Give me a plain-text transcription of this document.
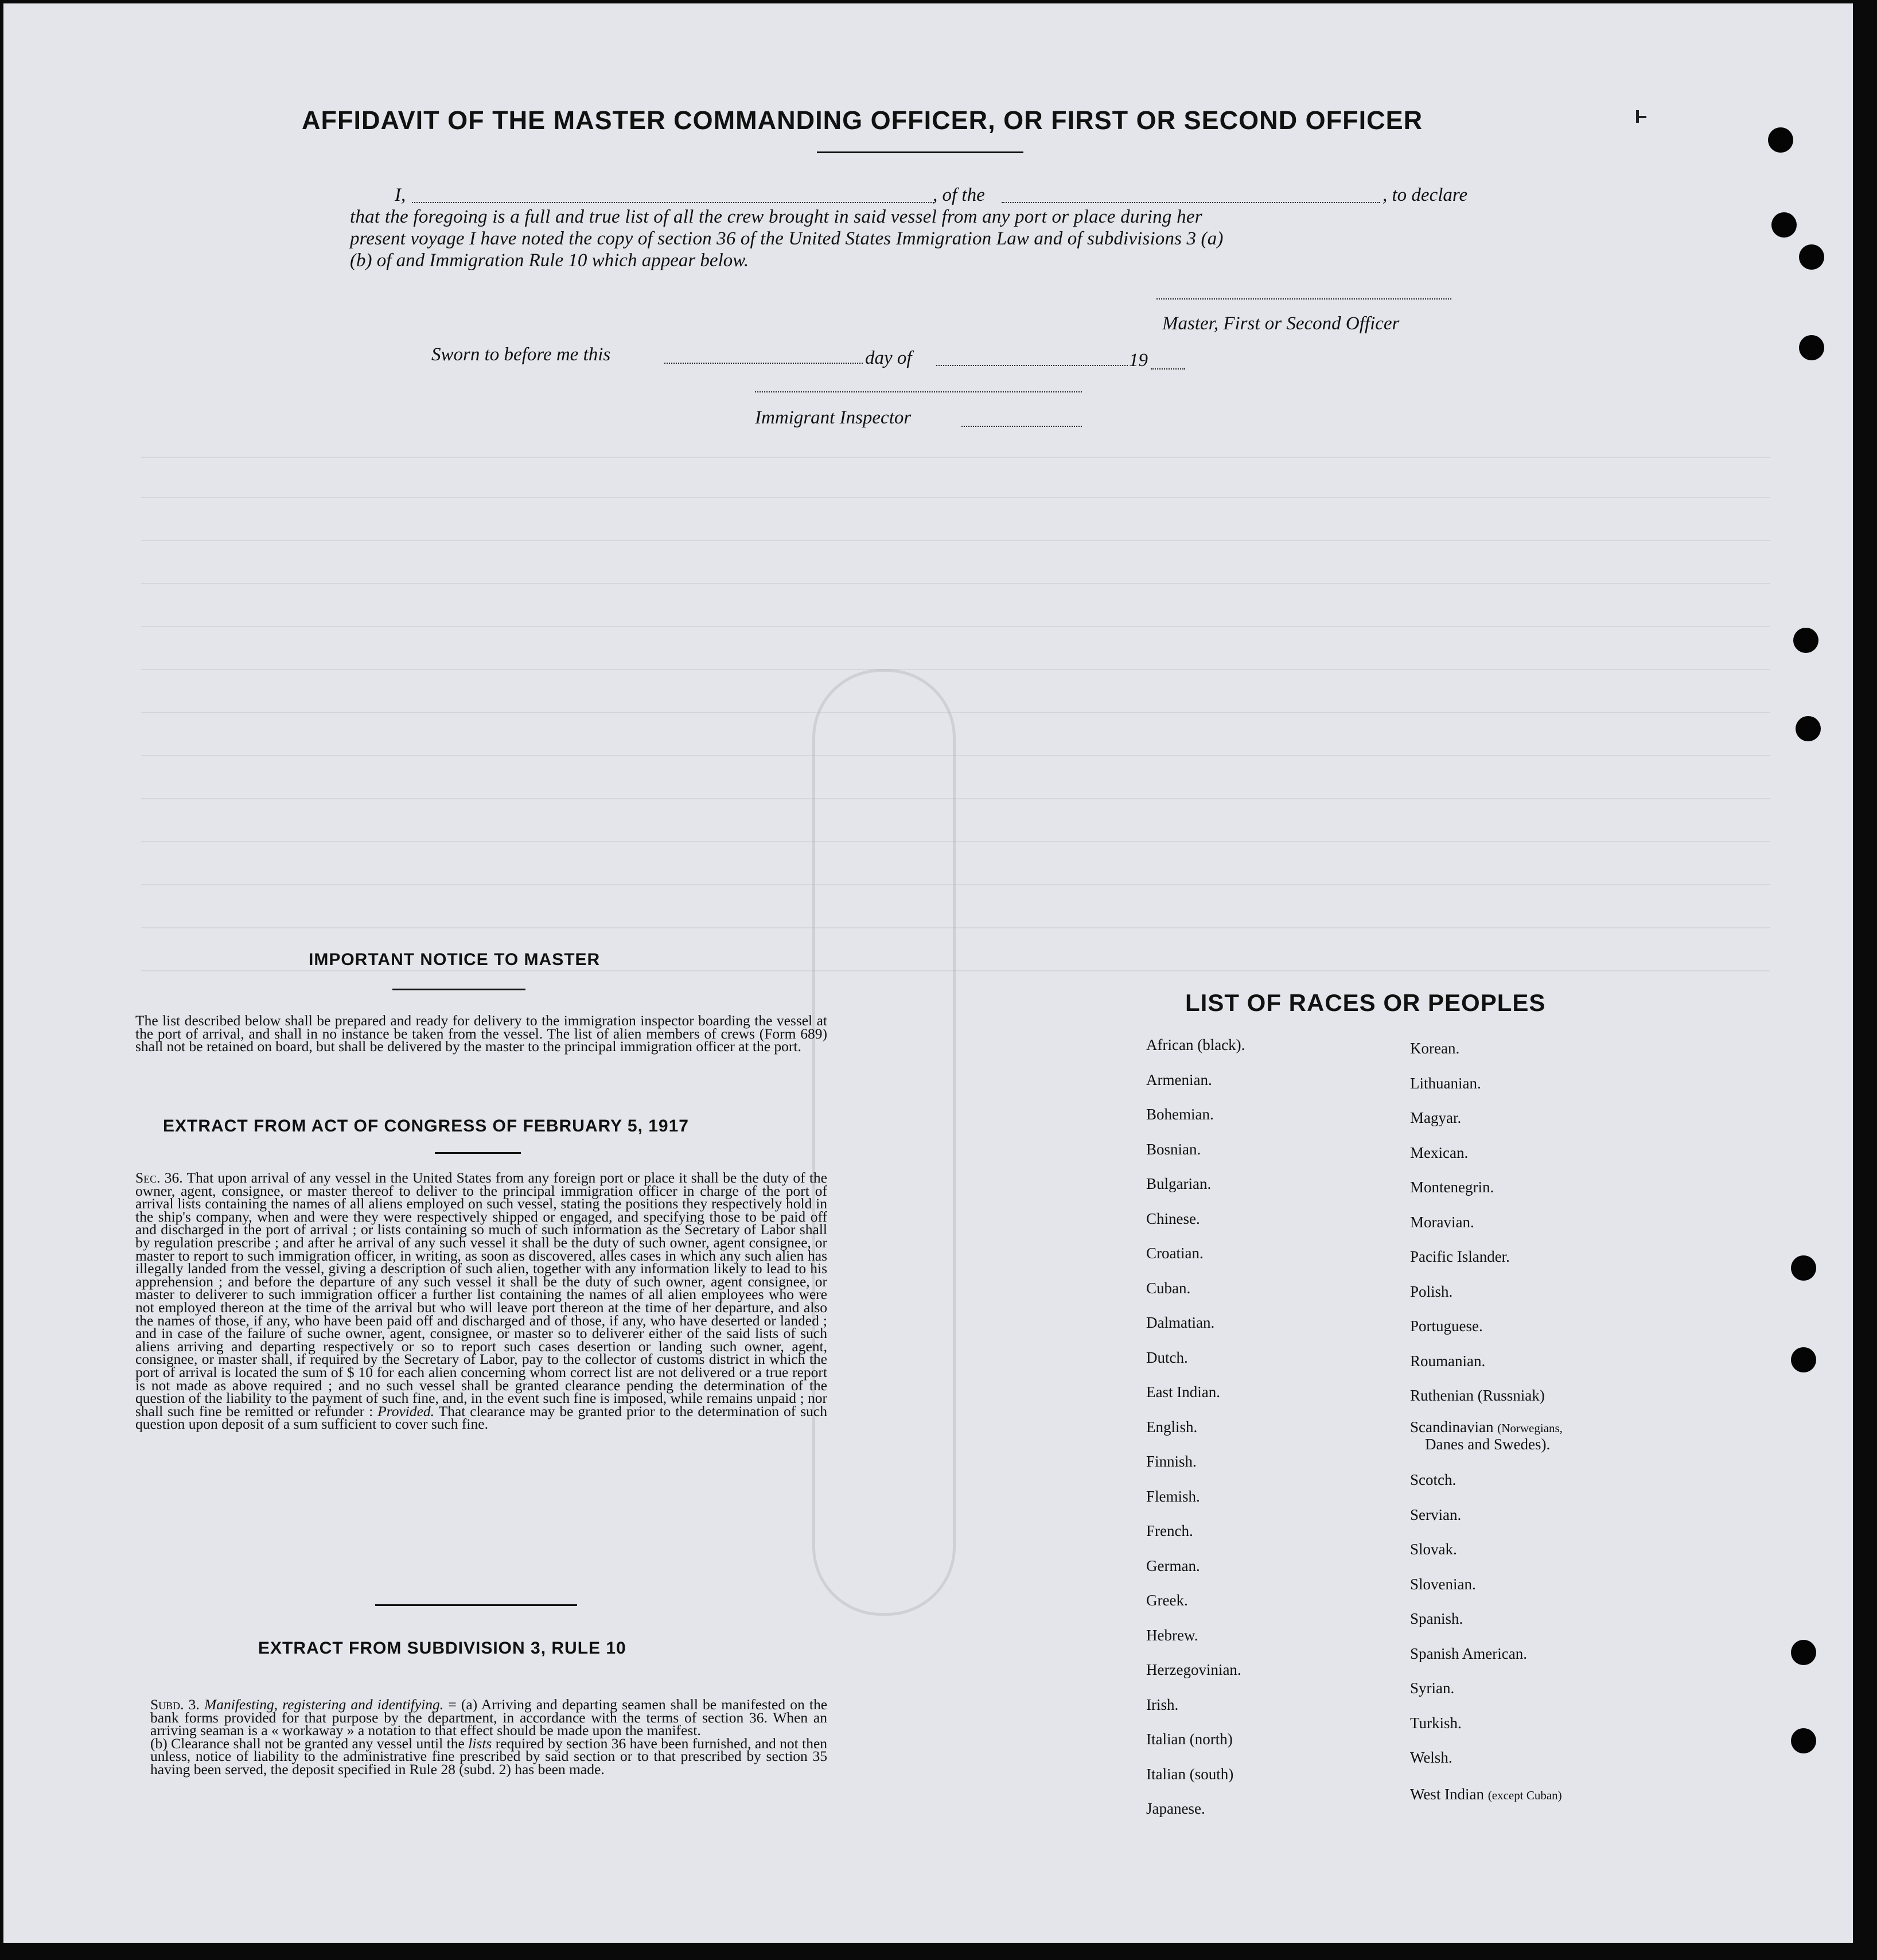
AFFIDAVIT OF THE MASTER COMMANDING OFFICER, OR FIRST OR SECOND OFFICER
I,	, of the	, to declare
that the foregoing is a full and true list of all the crew brought in said vessel from any port or place during her
present voyage I have noted the copy of section 36 of the United States Immigration Law and of subdivisions 3 (a)
(b) of and Immigration Rule 10 which appear below.
Master, First or Second Officer
Sworn to before me this	day of	19
Immigrant Inspector
IMPORTANT NOTICE TO MASTER
The list described below shall be prepared and ready for delivery to the immigration inspector boarding the vessel at the port of arrival, and shall in no instance be taken from the vessel. The list of alien members of crews (Form 689) shall not be retained on board, but shall be delivered by the master to the principal immigration officer at the port.
EXTRACT FROM ACT OF CONGRESS OF FEBRUARY 5, 1917
Sec. 36. That upon arrival of any vessel in the United States from any foreign port or place it shall be the duty of the owner, agent, consignee, or master thereof to deliver to the principal immigration officer in charge of the port of arrival lists containing the names of all aliens employed on such vessel, stating the positions they respectively hold in the ship's company, when and were they were respectively shipped or engaged, and specifying those to be paid off and discharged in the port of arrival ; or lists containing so much of such information as the Secretary of Labor shall by regulation prescribe ; and after he arrival of any such vessel it shall be the duty of such owner, agent consignee, or master to report to such immigration officer, in writing, as soon as discovered, alles cases in which any such alien has illegally landed from the vessel, giving a description of such alien, together with any information likely to lead to his apprehension ; and before the departure of any such vessel it shall be the duty of such owner, agent consignee, or master to deliverer to such immigration officer a further list containing the names of all alien employees who were not employed thereon at the time of the arrival but who will leave port thereon at the time of her departure, and also the names of those, if any, who have been paid off and discharged and of those, if any, who have deserted or landed ; and in case of the failure of suche owner, agent, consignee, or master so to deliverer either of the said lists of such aliens arriving and departing respectively or so to report such cases desertion or landing such owner, agent, consignee, or master shall, if required by the Secretary of Labor, pay to the collector of customs district in which the port of arrival is located the sum of $ 10 for each alien concerning whom correct list are not delivered or a true report is not made as above required ; and no such vessel shall be granted clearance pending the determination of the question of the liability to the payment of such fine, and, in the event such fine is imposed, while remains unpaid ; nor shall such fine be remitted or refunder : Provided. That clearance may be granted prior to the determination of such question upon deposit of a sum sufficient to cover such fine.
EXTRACT FROM SUBDIVISION 3, RULE 10

Subd. 3. Manifesting, registering and identifying. = (a) Arriving and departing seamen shall be manifested on the bank forms provided for that purpose by the department, in accordance with the terms of section 36. When an arriving seaman is a « workaway » a notation to that effect should be made upon the manifest.

(b) Clearance shall not be granted any vessel until the lists required by section 36 have been furnished, and not then unless, notice of liability to the administrative fine prescribed by said section or to that prescribed by section 35 having been served, the deposit specified in Rule 28 (subd. 2) has been made.

LIST OF RACES OR PEOPLES
African (black).
Armenian.
Bohemian.
Bosnian.
Bulgarian.
Chinese.
Croatian.
Cuban.
Dalmatian.
Dutch.
East Indian.
English.
Finnish.
Flemish.
French.
German.
Greek.
Hebrew.
Herzegovinian.
Irish.
Italian (north)
Italian (south)
Japanese.
Korean.
Lithuanian.
Magyar.
Mexican.
Montenegrin.
Moravian.
Pacific Islander.
Polish.
Portuguese.
Roumanian.
Ruthenian (Russniak)
Scandinavian (Norwegians,
Danes and Swedes).
Scotch.
Servian.
Slovak.
Slovenian.
Spanish.
Spanish American.
Syrian.
Turkish.
Welsh.
West Indian (except Cuban)
